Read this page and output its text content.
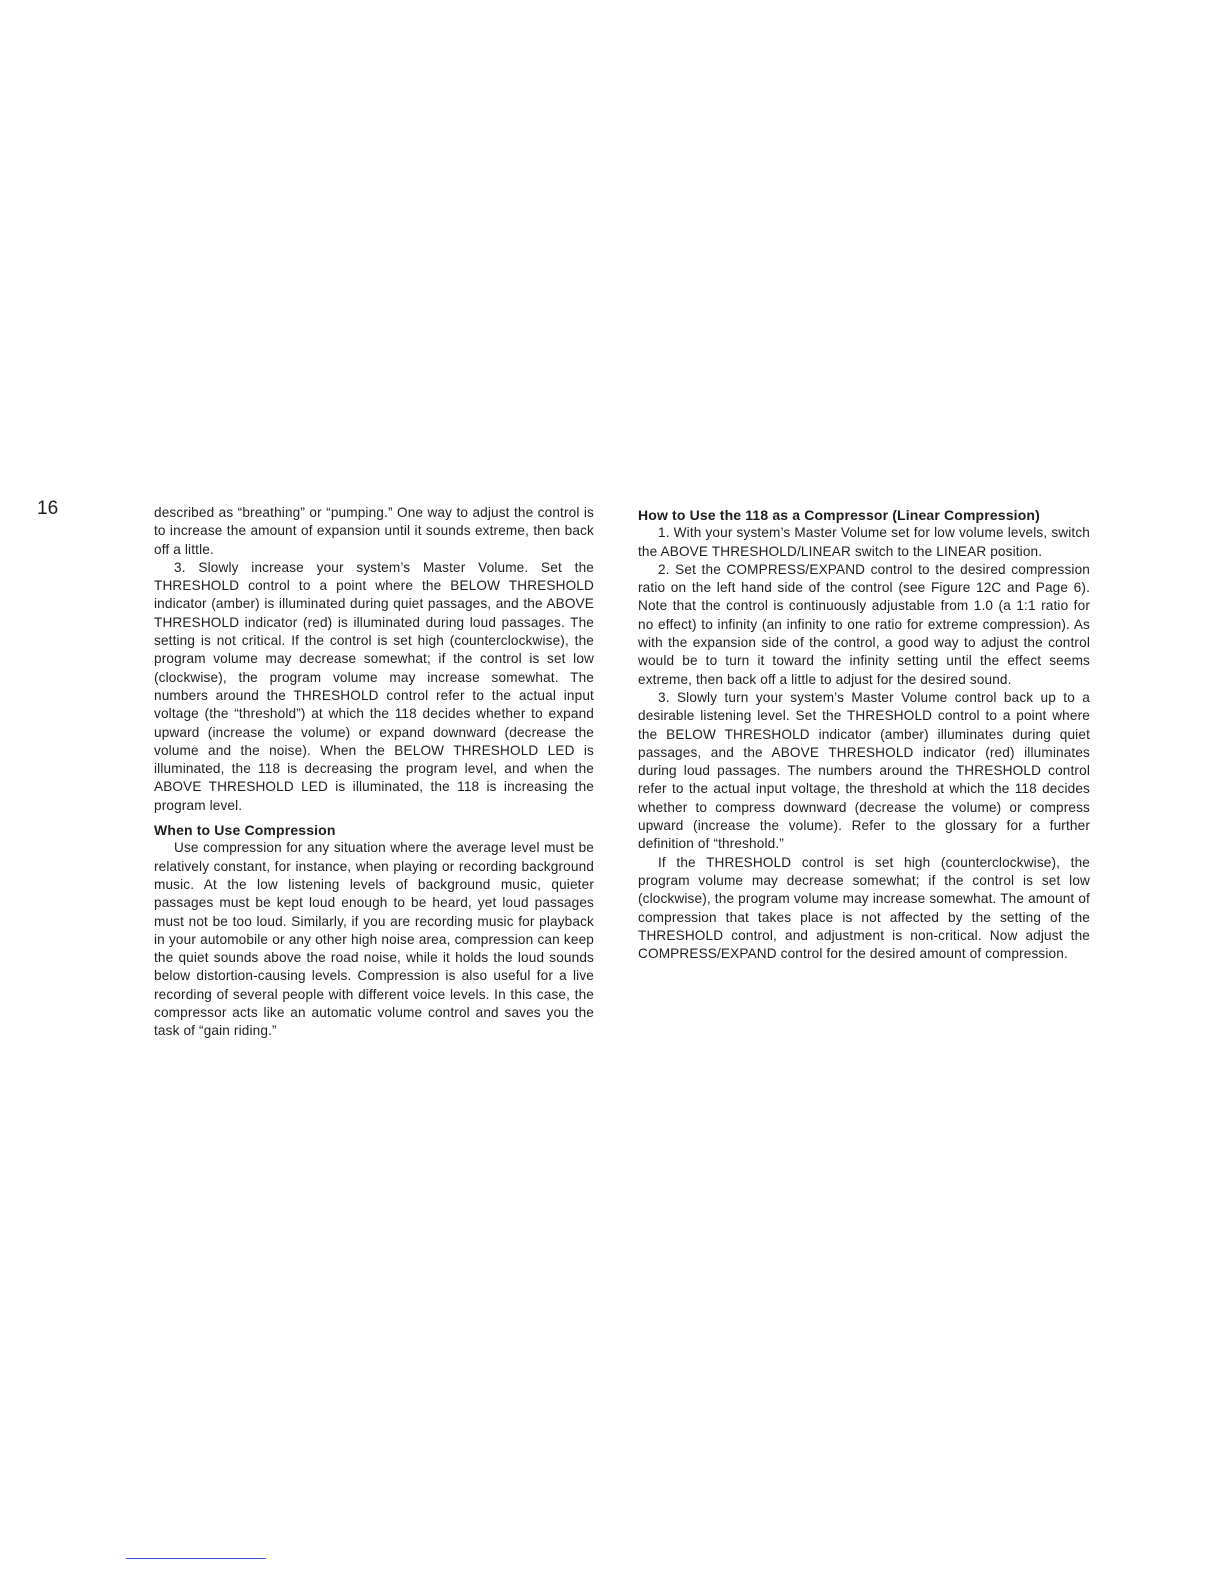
16	described as “breathing” or “pumping.” One way to adjust the control is to increase the amount of expansion until it sounds extreme, then back off a little.

3. Slowly increase your system’s Master Volume. Set the THRESHOLD control to a point where the BELOW THRESHOLD indicator (amber) is illuminated during quiet passages, and the ABOVE THRESHOLD indicator (red) is illuminated during loud passages. The setting is not critical. If the control is set high (counterclockwise), the program volume may decrease somewhat; if the control is set low (clockwise), the program volume may increase somewhat. The numbers around the THRESHOLD control refer to the actual input voltage (the “threshold”) at which the 118 decides whether to expand upward (increase the volume) or expand downward (decrease the volume and the noise). When the BELOW THRESHOLD LED is illuminated, the 118 is decreasing the program level, and when the ABOVE THRESHOLD LED is illuminated, the 118 is increasing the program level.

When to Use Compression

Use compression for any situation where the average level must be relatively constant, for instance, when playing or recording background music. At the low listening levels of background music, quieter passages must be kept loud enough to be heard, yet loud passages must not be too loud. Similarly, if you are recording music for playback in your automobile or any other high noise area, compression can keep the quiet sounds above the road noise, while it holds the loud sounds below distortion-causing levels. Compression is also useful for a live recording of several people with different voice levels. In this case, the compressor acts like an automatic volume control and saves you the task of “gain riding.”

How to Use the 118 as a Compressor (Linear Compression)

1. With your system’s Master Volume set for low volume levels, switch the ABOVE THRESHOLD/LINEAR switch to the LINEAR position.

2. Set the COMPRESS/EXPAND control to the desired compression ratio on the left hand side of the control (see Figure 12C and Page 6). Note that the control is continuously adjustable from 1.0 (a 1:1 ratio for no effect) to infinity (an infinity to one ratio for extreme compression). As with the expansion side of the control, a good way to adjust the control would be to turn it toward the infinity setting until the effect seems extreme, then back off a little to adjust for the desired sound.

3. Slowly turn your system’s Master Volume control back up to a desirable listening level. Set the THRESHOLD control to a point where the BELOW THRESHOLD indicator (amber) illuminates during quiet passages, and the ABOVE THRESHOLD indicator (red) illuminates during loud passages. The numbers around the THRESHOLD control refer to the actual input voltage, the threshold at which the 118 decides whether to compress downward (decrease the volume) or compress upward (increase the volume). Refer to the glossary for a further definition of “threshold.”

If the THRESHOLD control is set high (counterclockwise), the program volume may decrease somewhat; if the control is set low (clockwise), the program volume may increase somewhat. The amount of compression that takes place is not affected by the setting of the THRESHOLD control, and adjustment is non-critical. Now adjust the COMPRESS/EXPAND control for the desired amount of compression.
